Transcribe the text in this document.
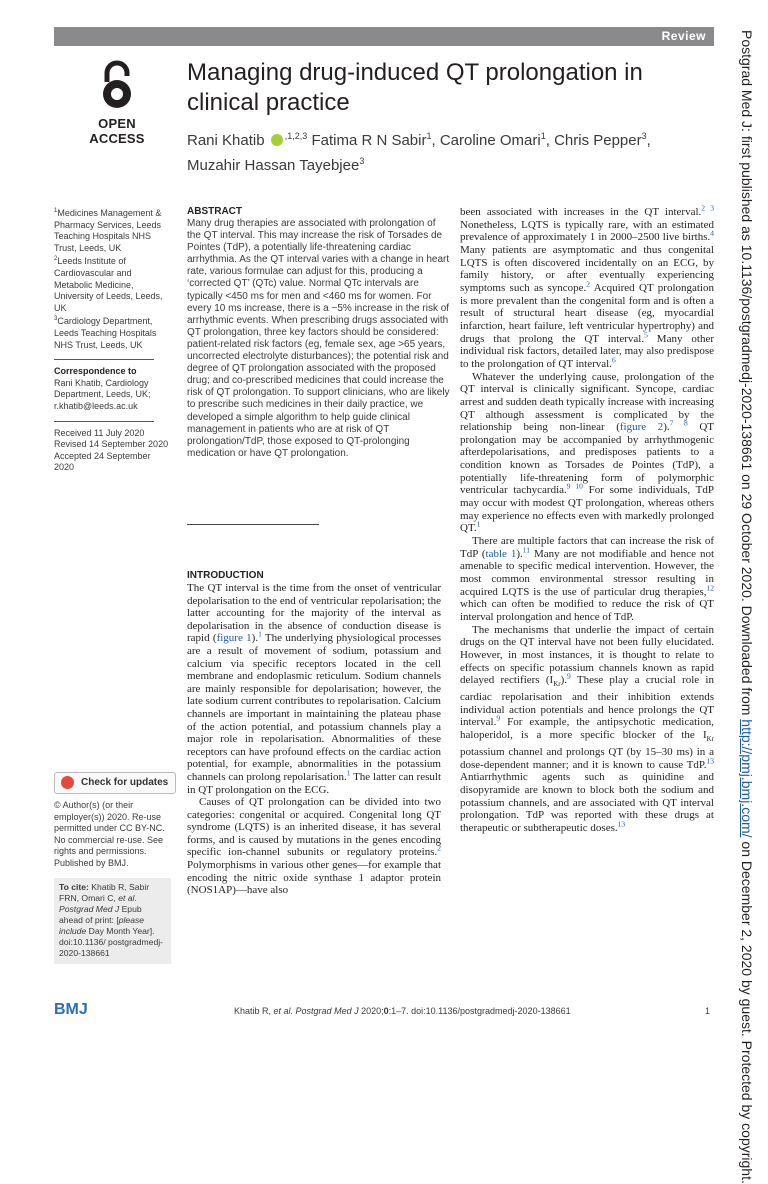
Review
OPEN ACCESS
Managing drug-induced QT prolongation in clinical practice
Rani Khatib $^{,1,2,3}$ Fatima R N Sabir$^1$, Caroline Omari$^1$, Chris Pepper$^3$,
Muzahir Hassan Tayebjee$^3$
$^1$Medicines Management & Pharmacy Services, Leeds Teaching Hospitals NHS Trust, Leeds, UK
$^2$Leeds Institute of Cardiovascular and Metabolic Medicine, University of Leeds, Leeds, UK
$^3$Cardiology Department, Leeds Teaching Hospitals NHS Trust, Leeds, UK
Correspondence to
Rani Khatib, Cardiology Department, Leeds, UK; r.khatib@leeds.ac.uk
Received 11 July 2020
Revised 14 September 2020
Accepted 24 September 2020
Check for updates
© Author(s) (or their employer(s)) 2020. Re-use permitted under CC BY-NC. No commercial re-use. See rights and permissions. Published by BMJ.
To cite: Khatib R, Sabir FRN, Omari C, et al. Postgrad Med J Epub ahead of print: [please include Day Month Year]. doi:10.1136/ postgradmedj-2020-138661
ABSTRACT

Many drug therapies are associated with prolongation of the QT interval. This may increase the risk of Torsades de Pointes (TdP), a potentially life-threatening cardiac arrhythmia. As the QT interval varies with a change in heart rate, various formulae can adjust for this, producing a ‘corrected QT’ (QTc) value. Normal QTc intervals are typically <450 ms for men and <460 ms for women. For every 10 ms increase, there is a ~5% increase in the risk of arrhythmic events. When prescribing drugs associated with QT prolongation, three key factors should be considered: patient-related risk factors (eg, female sex, age >65 years, uncorrected electrolyte disturbances); the potential risk and degree of QT prolongation associated with the proposed drug; and co-prescribed medicines that could increase the risk of QT prolongation. To support clinicians, who are likely to prescribe such medicines in their daily practice, we developed a simple algorithm to help guide clinical management in patients who are at risk of QT prolongation/TdP, those exposed to QT-prolonging medication or have QT prolongation.

INTRODUCTION

The QT interval is the time from the onset of ventricular depolarisation to the end of ventricular repolarisation; the latter accounting for the majority of the interval as depolarisation in the absence of conduction disease is rapid (figure 1).$^1$ The underlying physiological processes are a result of movement of sodium, potassium and calcium via specific receptors located in the cell membrane and endoplasmic reticulum. Sodium channels are mainly responsible for depolarisation; however, the late sodium current contributes to repolarisation. Calcium channels are important in maintaining the plateau phase of the action potential, and potassium channels play a major role in repolarisation. Abnormalities of these receptors can have profound effects on the cardiac action potential, for example, abnormalities in the potassium channels can prolong repolarisation.$^1$ The latter can result in QT prolongation on the ECG.

Causes of QT prolongation can be divided into two categories: congenital or acquired. Congenital long QT syndrome (LQTS) is an inherited disease, it has several forms, and is caused by mutations in the genes encoding specific ion-channel subunits or regulatory proteins.$^2$ Polymorphisms in various other genes—for example that encoding the nitric oxide synthase 1 adaptor protein (NOS1AP)—have also

been associated with increases in the QT interval.$^{2 3}$ Nonetheless, LQTS is typically rare, with an estimated prevalence of approximately 1 in 2000–2500 live births.$^4$ Many patients are asymptomatic and thus congenital LQTS is often discovered incidentally on an ECG, by family history, or after eventually experiencing symptoms such as syncope.$^2$ Acquired QT prolongation is more prevalent than the congenital form and is often a result of structural heart disease (eg, myocardial infarction, heart failure, left ventricular hypertrophy) and drugs that prolong the QT interval.$^5$ Many other individual risk factors, detailed later, may also predispose to the prolongation of QT interval.$^6$

Whatever the underlying cause, prolongation of the QT interval is clinically significant. Syncope, cardiac arrest and sudden death typically increase with increasing QT although assessment is complicated by the relationship being non-linear (figure 2).$^{7 8}$ QT prolongation may be accompanied by arrhythmogenic afterdepolarisations, and predisposes patients to a condition known as Torsades de Pointes (TdP), a potentially life-threatening form of polymorphic ventricular tachycardia.$^{9 10}$ For some individuals, TdP may occur with modest QT prolongation, whereas others may experience no effects even with markedly prolonged QT.$^1$

There are multiple factors that can increase the risk of TdP (table 1).$^{11}$ Many are not modifiable and hence not amenable to specific medical intervention. However, the most common environmental stressor resulting in acquired LQTS is the use of particular drug therapies,$^{12}$ which can often be modified to reduce the risk of QT interval prolongation and hence of TdP.

The mechanisms that underlie the impact of certain drugs on the QT interval have not been fully elucidated. However, in most instances, it is thought to relate to effects on specific potassium channels known as rapid delayed rectifiers $(I_{Kr}).^9$ These play a crucial role in cardiac repolarisation and their inhibition extends individual action potentials and hence prolongs the QT interval.$^9$ For example, the antipsychotic medication, haloperidol, is a more specific blocker of the $I_{Kr}$ potassium channel and prolongs QT (by 15–30 ms) in a dose-dependent manner; and it is known to cause TdP.$^{13}$ Antiarrhythmic agents such as quinidine and disopyramide are known to block both the sodium and potassium channels, and are associated with QT interval prolongation. TdP was reported with these drugs at therapeutic or subtherapeutic doses.$^{13}$

BMJ	Khatib R, et al. Postgrad Med J 2020;0:1–7. doi:10.1136/postgradmedj-2020-138661	1
Postgrad Med J: first published as 10.1136/postgradmedj-2020-138661 on 29 October 2020. Downloaded from http://pmj.bmj.com/ on December 2, 2020 by guest. Protected by copyright.
